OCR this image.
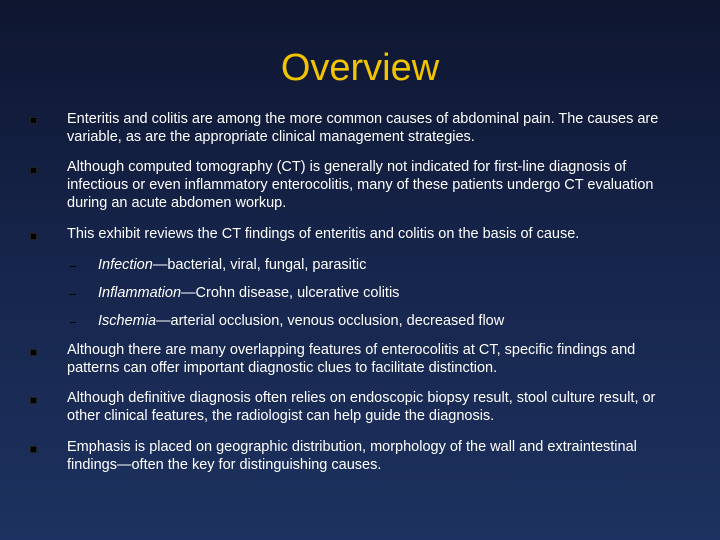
Overview
Enteritis and colitis are among the more common causes of abdominal pain. The causes are variable, as are the appropriate clinical management strategies.
Although computed tomography (CT) is generally not indicated for first-line diagnosis of infectious or even inflammatory enterocolitis, many of these patients undergo CT evaluation during an acute abdomen workup.
This exhibit reviews the CT findings of enteritis and colitis on the basis of cause.
Infection—bacterial, viral, fungal, parasitic
Inflammation—Crohn disease, ulcerative colitis
Ischemia—arterial occlusion, venous occlusion, decreased flow
Although there are many overlapping features of enterocolitis at CT, specific findings and patterns can offer important diagnostic clues to facilitate distinction.
Although definitive diagnosis often relies on endoscopic biopsy result, stool culture result, or other clinical features, the radiologist can help guide the diagnosis.
Emphasis is placed on geographic distribution, morphology of the wall and extraintestinal findings—often the key for distinguishing causes.
